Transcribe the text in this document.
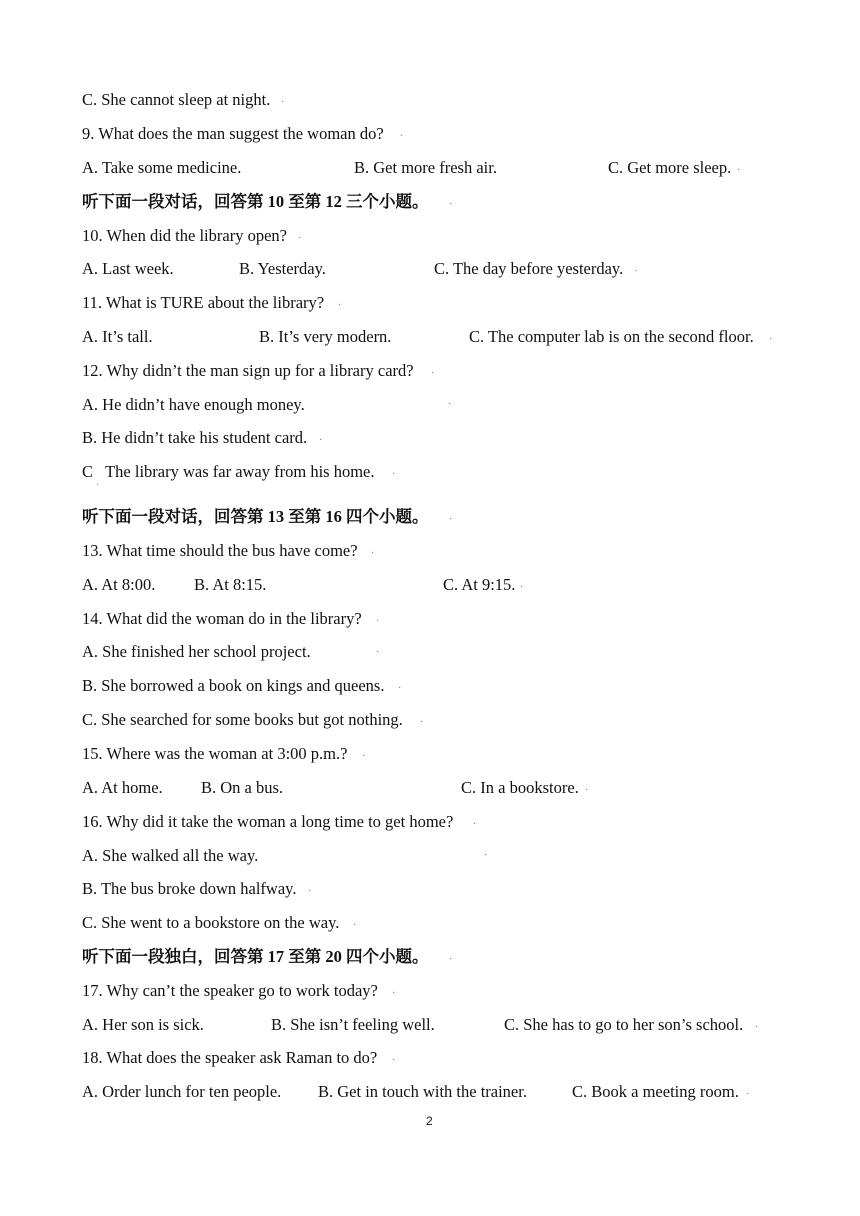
C. She cannot sleep at night.
9. What does the man suggest the woman do?
A. Take some medicine.	B. Get more fresh air.	C. Get more sleep.
听下面一段对话，回答第 10 至第 12 三个小题。
10. When did the library open?
A. Last week.	B. Yesterday.	C. The day before yesterday.
11. What is TURE about the library?
A. It’s tall.	B. It’s very modern.	C. The computer lab is on the second floor.
12. Why didn’t the man sign up for a library card?
A. He didn’t have enough money.
B. He didn’t take his student card.
C   The library was far away from his home.
听下面一段对话，回答第 13 至第 16 四个小题。
13. What time should the bus have come?
A. At 8:00. B. At 8:15.	C. At 9:15.
14. What did the woman do in the library?
A. She finished her school project.
B. She borrowed a book on kings and queens.
C. She searched for some books but got nothing.
15. Where was the woman at 3:00 p.m.?
A. At home. B. On a bus.	C. In a bookstore.
16. Why did it take the woman a long time to get home?
A. She walked all the way.
B. The bus broke down halfway.
C. She went to a bookstore on the way.
听下面一段独白，回答第 17 至第 20 四个小题。
17. Why can’t the speaker go to work today?
A. Her son is sick.	B. She isn’t feeling well.	C. She has to go to her son’s school.
18. What does the speaker ask Raman to do?
A. Order lunch for ten people. B. Get in touch with the trainer.	C. Book a meeting room.
2
·
·
·
·
·
·
·
·
·
·
·
·
·
·
·
·
·
·
·
·
·
·
·
·
·
·
·
·
·
·
·
